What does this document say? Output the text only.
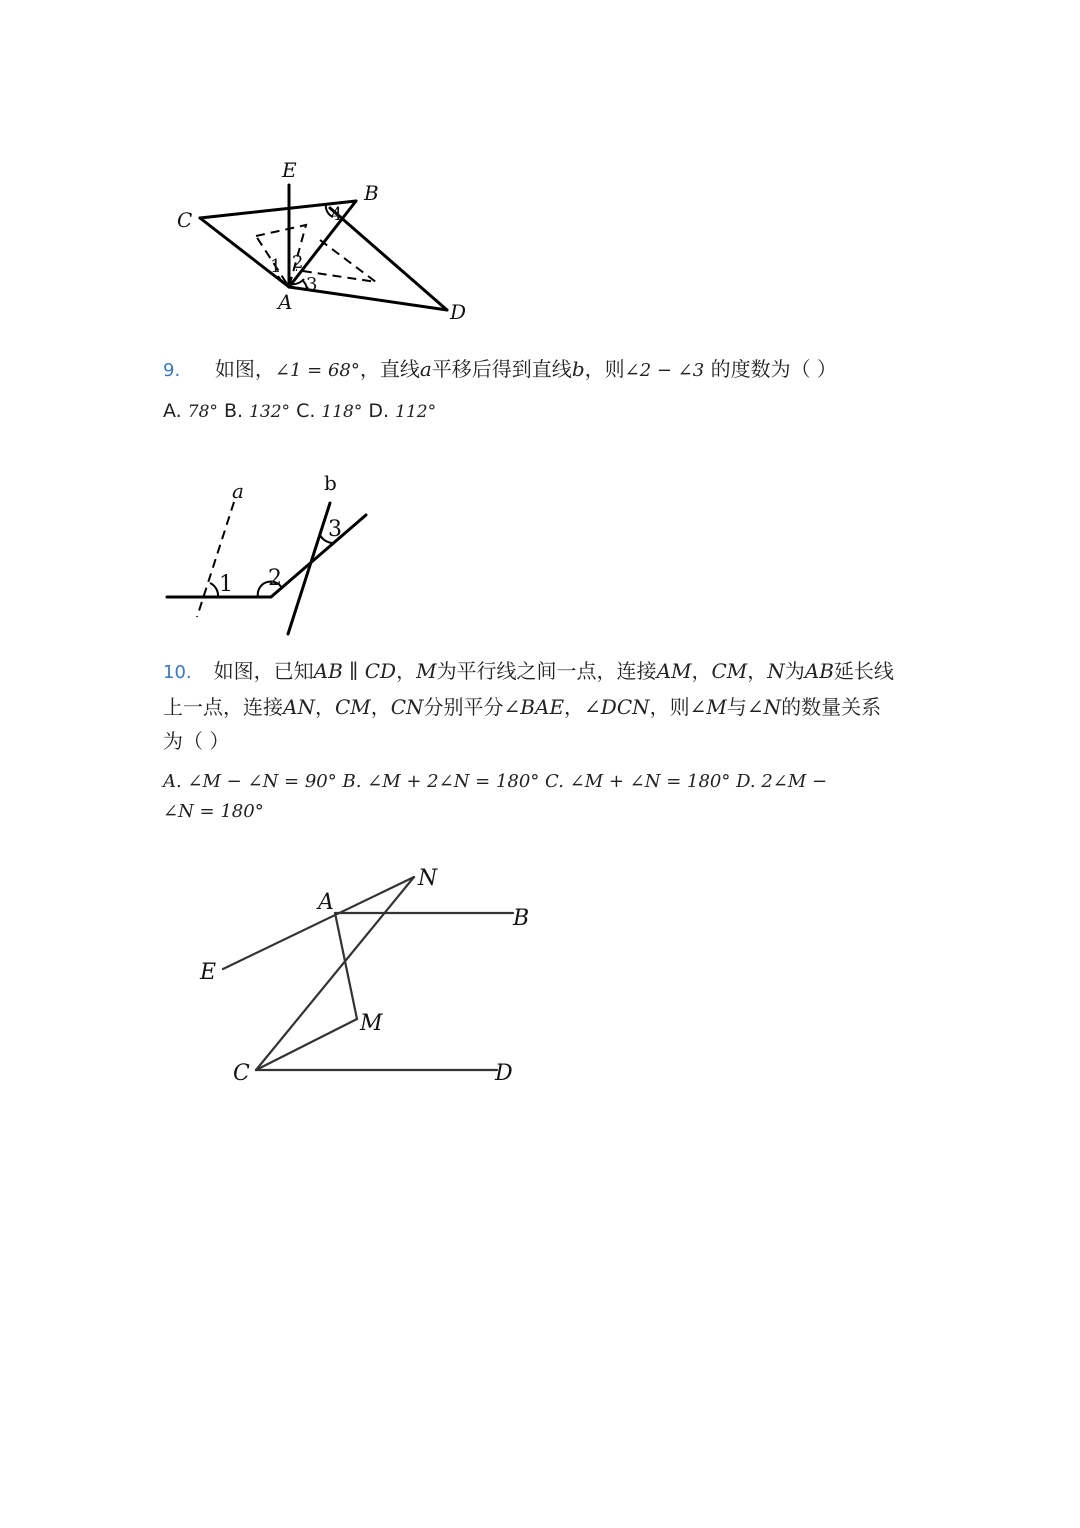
E
B
C
A	D
1 2
3
4
9. 如图，∠1 = 68°，直线a平移后得到直线b，则∠2 − ∠3 的度数为（ ）
A. 78° B. 132° C. 118° D. 112°
a	b
1 2
3
10. 如图，已知AB ∥ CD，M为平行线之间一点，连接AM，CM，N为AB延长线
上一点，连接AN，CM，CN分别平分∠BAE，∠DCN，则∠M与∠N的数量关系
为（ ）
A. ∠M − ∠N = 90° B. ∠M + 2∠N = 180° C. ∠M + ∠N = 180° D. 2∠M −
∠N = 180°
N
A
B
E
M
C	D
